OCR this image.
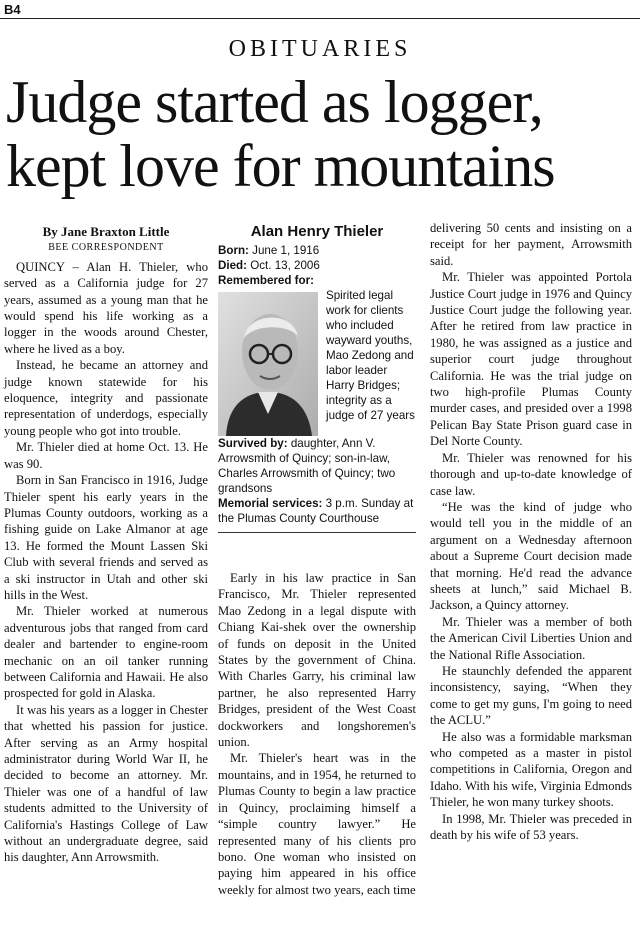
B4
OBITUARIES
Judge started as logger,
kept love for mountains

By Jane Braxton Little

BEE CORRESPONDENT

QUINCY – Alan H. Thieler, who served as a California judge for 27 years, assumed as a young man that he would spend his life working as a logger in the woods around Chester, where he lived as a boy.

Instead, he became an attorney and judge known statewide for his eloquence, integrity and passionate representation of underdogs, especially young people who got into trouble.

Mr. Thieler died at home Oct. 13. He was 90.

Born in San Francisco in 1916, Judge Thieler spent his early years in the Plumas County outdoors, working as a fishing guide on Lake Almanor at age 13. He formed the Mount Lassen Ski Club with several friends and served as a ski instructor in Utah and other ski hills in the West.

Mr. Thieler worked at numerous adventurous jobs that ranged from card dealer and bartender to engine-room mechanic on an oil tanker running between California and Hawaii. He also prospected for gold in Alaska.

It was his years as a logger in Chester that whetted his passion for justice. After serving as an Army hospital administrator during World War II, he decided to become an attorney. Mr. Thieler was one of a handful of law students admitted to the University of California's Hastings College of Law without an undergraduate degree, said his daughter, Ann Arrowsmith.

Alan Henry Thieler

Born: June 1, 1916

Died: Oct. 13, 2006

Remembered for:

Spirited legal work for clients who included wayward youths, Mao Zedong and labor leader Harry Bridges; integrity as a judge of 27 years

Survived by: daughter, Ann V. Arrowsmith of Quincy; son-in-law, Charles Arrowsmith of Quincy; two grandsons

Memorial services: 3 p.m. Sunday at the Plumas County Courthouse

Early in his law practice in San Francisco, Mr. Thieler represented Mao Zedong in a legal dispute with Chiang Kai-shek over the ownership of funds on deposit in the United States by the government of China. With Charles Garry, his criminal law partner, he also represented Harry Bridges, president of the West Coast dockworkers and longshoremen's union.

Mr. Thieler's heart was in the mountains, and in 1954, he returned to Plumas County to begin a law practice in Quincy, proclaiming himself a “simple country lawyer.” He represented many of his clients pro bono. One woman who insisted on paying him appeared in his office weekly for almost two years, each time

delivering 50 cents and insisting on a receipt for her payment, Arrowsmith said.

Mr. Thieler was appointed Portola Justice Court judge in 1976 and Quincy Justice Court judge the following year. After he retired from law practice in 1980, he was assigned as a justice and superior court judge throughout California. He was the trial judge on two high-profile Plumas County murder cases, and presided over a 1998 Pelican Bay State Prison guard case in Del Norte County.

Mr. Thieler was renowned for his thorough and up-to-date knowledge of case law.

“He was the kind of judge who would tell you in the middle of an argument on a Wednesday afternoon about a Supreme Court decision made that morning. He'd read the advance sheets at lunch,” said Michael B. Jackson, a Quincy attorney.

Mr. Thieler was a member of both the American Civil Liberties Union and the National Rifle Association.

He staunchly defended the apparent inconsistency, saying, “When they come to get my guns, I'm going to need the ACLU.”

He also was a formidable marksman who competed as a master in pistol competitions in California, Oregon and Idaho. With his wife, Virginia Edmonds Thieler, he won many turkey shoots.

In 1998, Mr. Thieler was preceded in death by his wife of 53 years.
